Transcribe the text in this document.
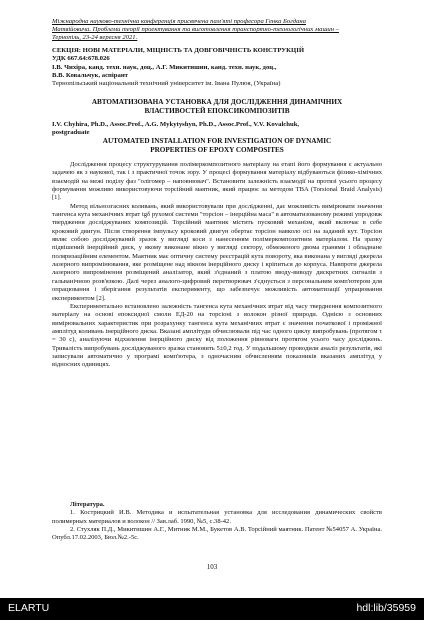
Міжнародна науково-технічна конференція присвячена пам'яті професора Генка Богдана
Матвійовича. Проблеми теорії проектування та виготовлення транспортно-технологічних машин –
Тернопіль, 23-24 вересня 2021.
СЕКЦІЯ: НОВІ МАТЕРІАЛИ, МІЦНІСТЬ ТА ДОВГОВІЧНІСТЬ КОНСТРУКЦІЙ
УДК 667.64:678.026
І.В. Чихіра, канд. техн. наук, доц., А.Г. Микитишин, канд. техн. наук, доц.,
В.В. Ковальчук, аспірант
Тернопільський національний технічний університет ім. Івана Пулюя, (Україна)
АВТОМАТИЗОВАНА УСТАНОВКА ДЛЯ ДОСЛІДЖЕННЯ ДИНАМІЧНИХ
ВЛАСТИВОСТЕЙ ЕПОКСИКОМПОЗИТІВ
I.V. Chyhira, Ph.D., Assoc.Prof., A.G. Mykytyshyn, Ph.D., Assoc.Prof., V.V. Kovalchuk,
postgraduate
AUTOMATED INSTALLATION FOR INVESTIGATION OF DYNAMIC
PROPERTIES OF EPOXY COMPOSITES

Дослідження процесу структурування полімеркомпозитного матеріалу на етапі його формування є актуально задачею як з наукової, так і з практичної точок зору. У процесі формування матеріалу відбуваються фізико-хімічних взаємодій на межі поділу фаз "олігомер – наповнювач". Встановити залежність взаємодії на протязі усього процесу формування можливо використовуючи торсійний маятник, який працює за методом TBA (Torsional Braid Analysis) [1].

Метод вільнозгасних коливань, який використовували при дослідженні, дає можливість вимірювати значення тангенса кута механічних втрат tgδ рухомої системи "торсіон – інерційна маса" в автоматизованому режимі упродовж твердження досліджуваних композицій. Торсійний маятник містить пусковий механізм, який включає в себе кроковий двигун. Після створення імпульсу кроковий двигун обертає торсіон навколо осі на заданий кут. Торсіон являє собою досліджуваний зразок у вигляді коси з нанесенням полімеркомпозитним матеріалом. На зразку підвішений інерційний диск, у якому виконане вікно у вигляді сектору, обмеженого двома гранями і обладнане поляризаційним елементом. Маятник має оптичну систему реєстрацій кута повороту, яка виконана у вигляді джерела лазерного випромінювання, яке розміщене над вікном інерційного диску і кріпиться до корпуса. Навпроти джерела лазерного випромінення розміщений аналізатор, який з'єднаний з платою вводу-виводу дискретних сигналів з гальванічною розв'язкою. Далі через аналого-цифровий перетворювач з'єднується з персональним комп'ютером для опрацювання і зберігання результатів експерименту, що забезпечує можливість автоматизації упрацювання експериментом [2].

Експериментально встановлено залежність тангенса кута механічних втрат від часу тверднення композитного матеріалу на основі епоксидної смоли ЕД-20 на торсіоні з волокон різної природи. Однією з основних вимірювальних характеристик при розрахунку тангенса кута механічних втрат є значення початкової і проміжної амплітуд коливань інерційного диска. Вказані амплітуди обчислювали під час одного циклу випробувань (протягом τ = 30 с), аналізуючи відхилення інерційного диску від положення рівноваги протягом усього часу досліджень. Тривалість випробувань досліджуваного зразка становить 5±0,2 год. У подальшому проводили аналіз результатів, які записували автоматично у програмі комп'ютера, з одночасним обчисленням показників вказаних амплітуд у відносних одиницях.

Література.

1. Кострицкий И.В. Методика и испытательная установка для исследования динамических свойств полимерных материалов и волокон // Зав.лаб. 1990, №5, с.38-42.

2. Стухляк П.Д., Микитишин А.Г., Митник М.М., Букетов А.В. Торсійний маятник. Патент №54057 А. Україна. Опубл.17.02.2003, Бюл.№2.-5с.

103
ELARTU	hdl:lib/35959
